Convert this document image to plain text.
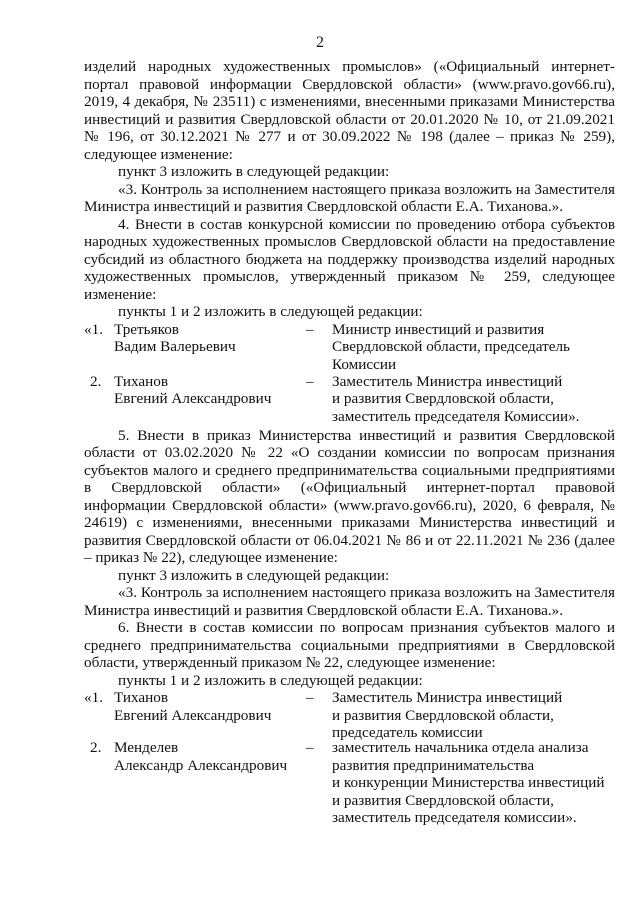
2

изделий народных художественных промыслов» («Официальный интернет-портал правовой информации Свердловской области» (www.pravo.gov66.ru), 2019, 4 декабря, № 23511) с изменениями, внесенными приказами Министерства инвестиций и развития Свердловской области от 20.01.2020 № 10, от 21.09.2021 № 196, от 30.12.2021 № 277 и от 30.09.2022 № 198 (далее – приказ № 259), следующее изменение:

пункт 3 изложить в следующей редакции:

«3. Контроль за исполнением настоящего приказа возложить на Заместителя Министра инвестиций и развития Свердловской области Е.А. Тиханова.».

4. Внести в состав конкурсной комиссии по проведению отбора субъектов народных художественных промыслов Свердловской области на предоставление субсидий из областного бюджета на поддержку производства изделий народных художественных промыслов, утвержденный приказом № 259, следующее изменение:

пункты 1 и 2 изложить в следующей редакции:

«1. Третьяков
Вадим Валерьевич
– Министр инвестиций и развития
Свердловской области, председатель
Комиссии
2. Тиханов
Евгений Александрович
– Заместитель Министра инвестиций
и развития Свердловской области,
заместитель председателя Комиссии».

5. Внести в приказ Министерства инвестиций и развития Свердловской области от 03.02.2020 № 22 «О создании комиссии по вопросам признания субъектов малого и среднего предпринимательства социальными предприятиями в Свердловской области» («Официальный интернет-портал правовой информации Свердловской области» (www.pravo.gov66.ru), 2020, 6 февраля, № 24619) с изменениями, внесенными приказами Министерства инвестиций и развития Свердловской области от 06.04.2021 № 86 и от 22.11.2021 № 236 (далее – приказ № 22), следующее изменение:

пункт 3 изложить в следующей редакции:

«3. Контроль за исполнением настоящего приказа возложить на Заместителя Министра инвестиций и развития Свердловской области Е.А. Тиханова.».

6. Внести в состав комиссии по вопросам признания субъектов малого и среднего предпринимательства социальными предприятиями в Свердловской области, утвержденный приказом № 22, следующее изменение:

пункты 1 и 2 изложить в следующей редакции:

«1. Тиханов
Евгений Александрович
– Заместитель Министра инвестиций
и развития Свердловской области,
председатель комиссии
2. Менделев
Александр Александрович
– заместитель начальника отдела анализа
развития предпринимательства
и конкуренции Министерства инвестиций
и развития Свердловской области,
заместитель председателя комиссии».
